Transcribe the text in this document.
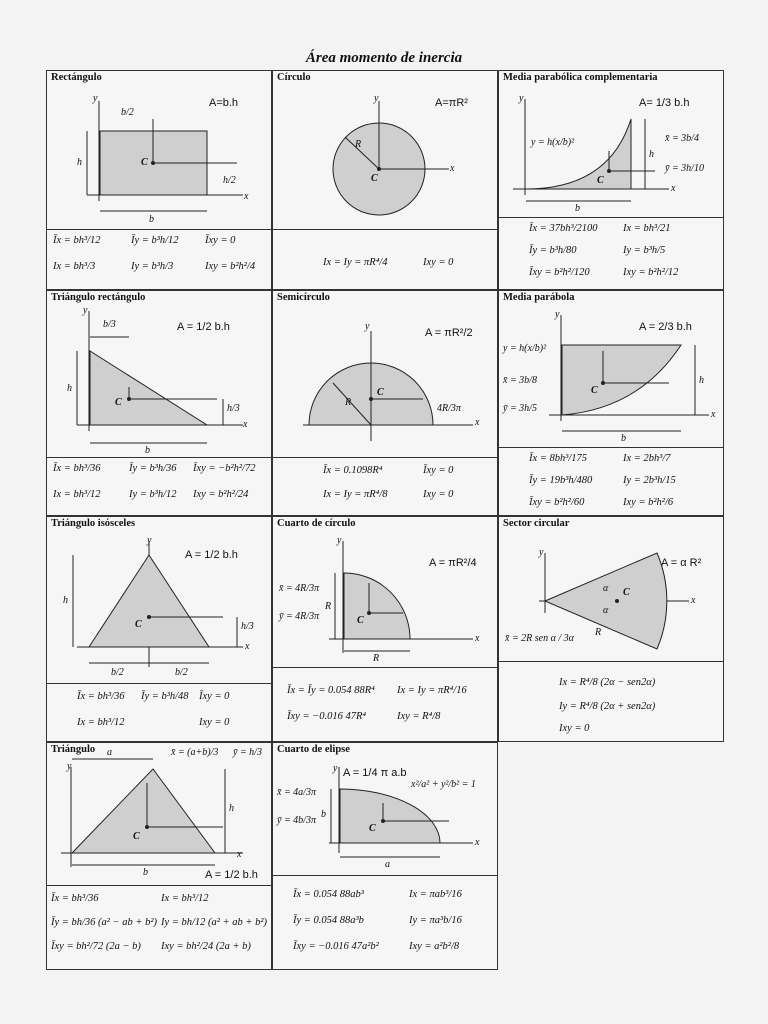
Área momento de inercia
Rectángulo
A=b.h
y
x
C
b
h
b/2
h/2
Īx = bh³/12	Īy = b³h/12	Īxy = 0
Ix = bh³/3	Iy = b³h/3	Ixy = b²h²/4
Círculo
A=πR²
y
x
C
R
Ix = Iy = πR⁴/4	Ixy = 0
Media parabólica complementaria
A= 1/3 b.h
y
x
C
b
h
y = h(x/b)²	x̄ = 3b/4
ȳ = 3h/10
Īx = 37bh³/2100 Ix = bh³/21
Īy = b³h/80	Iy = b³h/5
Īxy = b²h²/120	Ixy = b²h²/12
Triángulo rectángulo
A = 1/2 b.h
y
x
C
b
h
b/3
h/3
Īx = bh³/36	Īy = b³h/36 Īxy = −b²h²/72
Ix = bh³/12	Iy = b³h/12 Ixy = b²h²/24
Semicírculo
A = πR²/2
y
x
C
R
4R/3π
Īx = 0.1098R⁴	Īxy = 0
Ix = Iy = πR⁴/8	Ixy = 0
Media parábola
A = 2/3 b.h
y
x
C
b
h
y = h(x/b)²
x̄ = 3b/8
ȳ = 3h/5
Īx = 8bh³/175	Ix = 2bh³/7
Īy = 19b³h/480	Iy = 2b³h/15
Īxy = b²h²/60	Ixy = b²h²/6
Triángulo isósceles
A = 1/2 b.h
y
x
C
h
b/2	b/2
h/3
Īx = bh³/36 Īy = b³h/48 Īxy = 0
Ix = bh³/12	Ixy = 0
Cuarto de círculo
A = πR²/4
y
x
C
R
R
x̄ = 4R/3π
ȳ = 4R/3π
Īx = Īy = 0.054 88R⁴ Ix = Iy = πR⁴/16
Īxy = −0.016 47R⁴	Ixy = R⁴/8
Sector circular
A = α R²
y
x
C
R
α
α
x̄ = 2R sen α / 3α
Ix = R⁴/8 (2α − sen2α)
Iy = R⁴/8 (2α + sen2α)
Ixy = 0
Triángulo
A = 1/2 b.h
y
x
C
a
b
h
x̄ = (a+b)/3 ȳ = h/3
Īx = bh³/36	Ix = bh³/12
Īy = bh/36 (a² − ab + b²) Iy = bh/12 (a² + ab + b²)
Īxy = bh²/72 (2a − b) Ixy = bh²/24 (2a + b)
Cuarto de elipse
A = 1/4 π a.b
y
x
C
a
b
x²/a² + y²/b² = 1
x̄ = 4a/3π
ȳ = 4b/3π
Īx = 0.054 88ab³	Ix = πab³/16
Īy = 0.054 88a³b	Iy = πa³b/16
Īxy = −0.016 47a²b²	Ixy = a²b²/8
